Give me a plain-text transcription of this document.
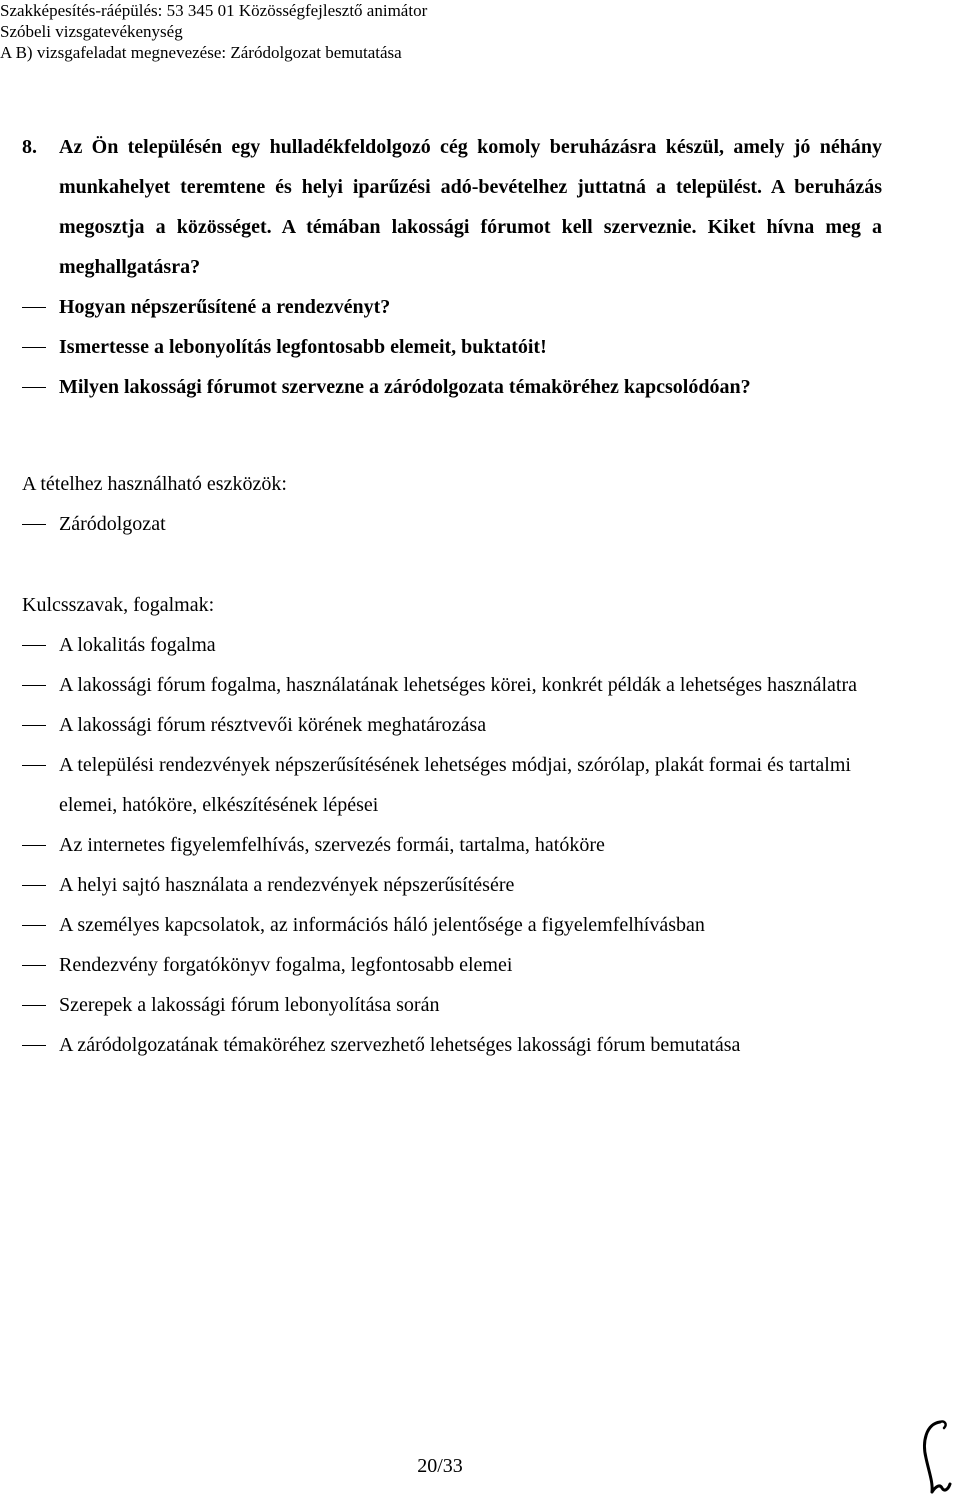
Szakképesítés-ráépülés: 53 345 01 Közösségfejlesztő animátor
Szóbeli vizsgatevékenység
A B) vizsgafeladat megnevezése: Záródolgozat bemutatása
8. Az Ön településén egy hulladékfeldolgozó cég komoly beruházásra készül, amely jó néhány munkahelyet teremtene és helyi iparűzési adó-bevételhez juttatná a települést. A beruházás megosztja a közösséget. A témában lakossági fórumot kell szerveznie. Kiket hívna meg a meghallgatásra?
Hogyan népszerűsítené a rendezvényt?
Ismertesse a lebonyolítás legfontosabb elemeit, buktatóit!
Milyen lakossági fórumot szervezne a záródolgozata témaköréhez kapcsolódóan?
A tételhez használható eszközök:
Záródolgozat
Kulcsszavak, fogalmak:
A lokalitás fogalma
A lakossági fórum fogalma, használatának lehetséges körei, konkrét példák a lehetséges használatra
A lakossági fórum résztvevői körének meghatározása
A települési rendezvények népszerűsítésének lehetséges módjai, szórólap, plakát formai és tartalmi elemei, hatóköre, elkészítésének lépései
Az internetes figyelemfelhívás, szervezés formái, tartalma, hatóköre
A helyi sajtó használata a rendezvények népszerűsítésére
A személyes kapcsolatok, az információs háló jelentősége a figyelemfelhívásban
Rendezvény forgatókönyv fogalma, legfontosabb elemei
Szerepek a lakossági fórum lebonyolítása során
A záródolgozatának témaköréhez szervezhető lehetséges lakossági fórum bemutatása
20/33
